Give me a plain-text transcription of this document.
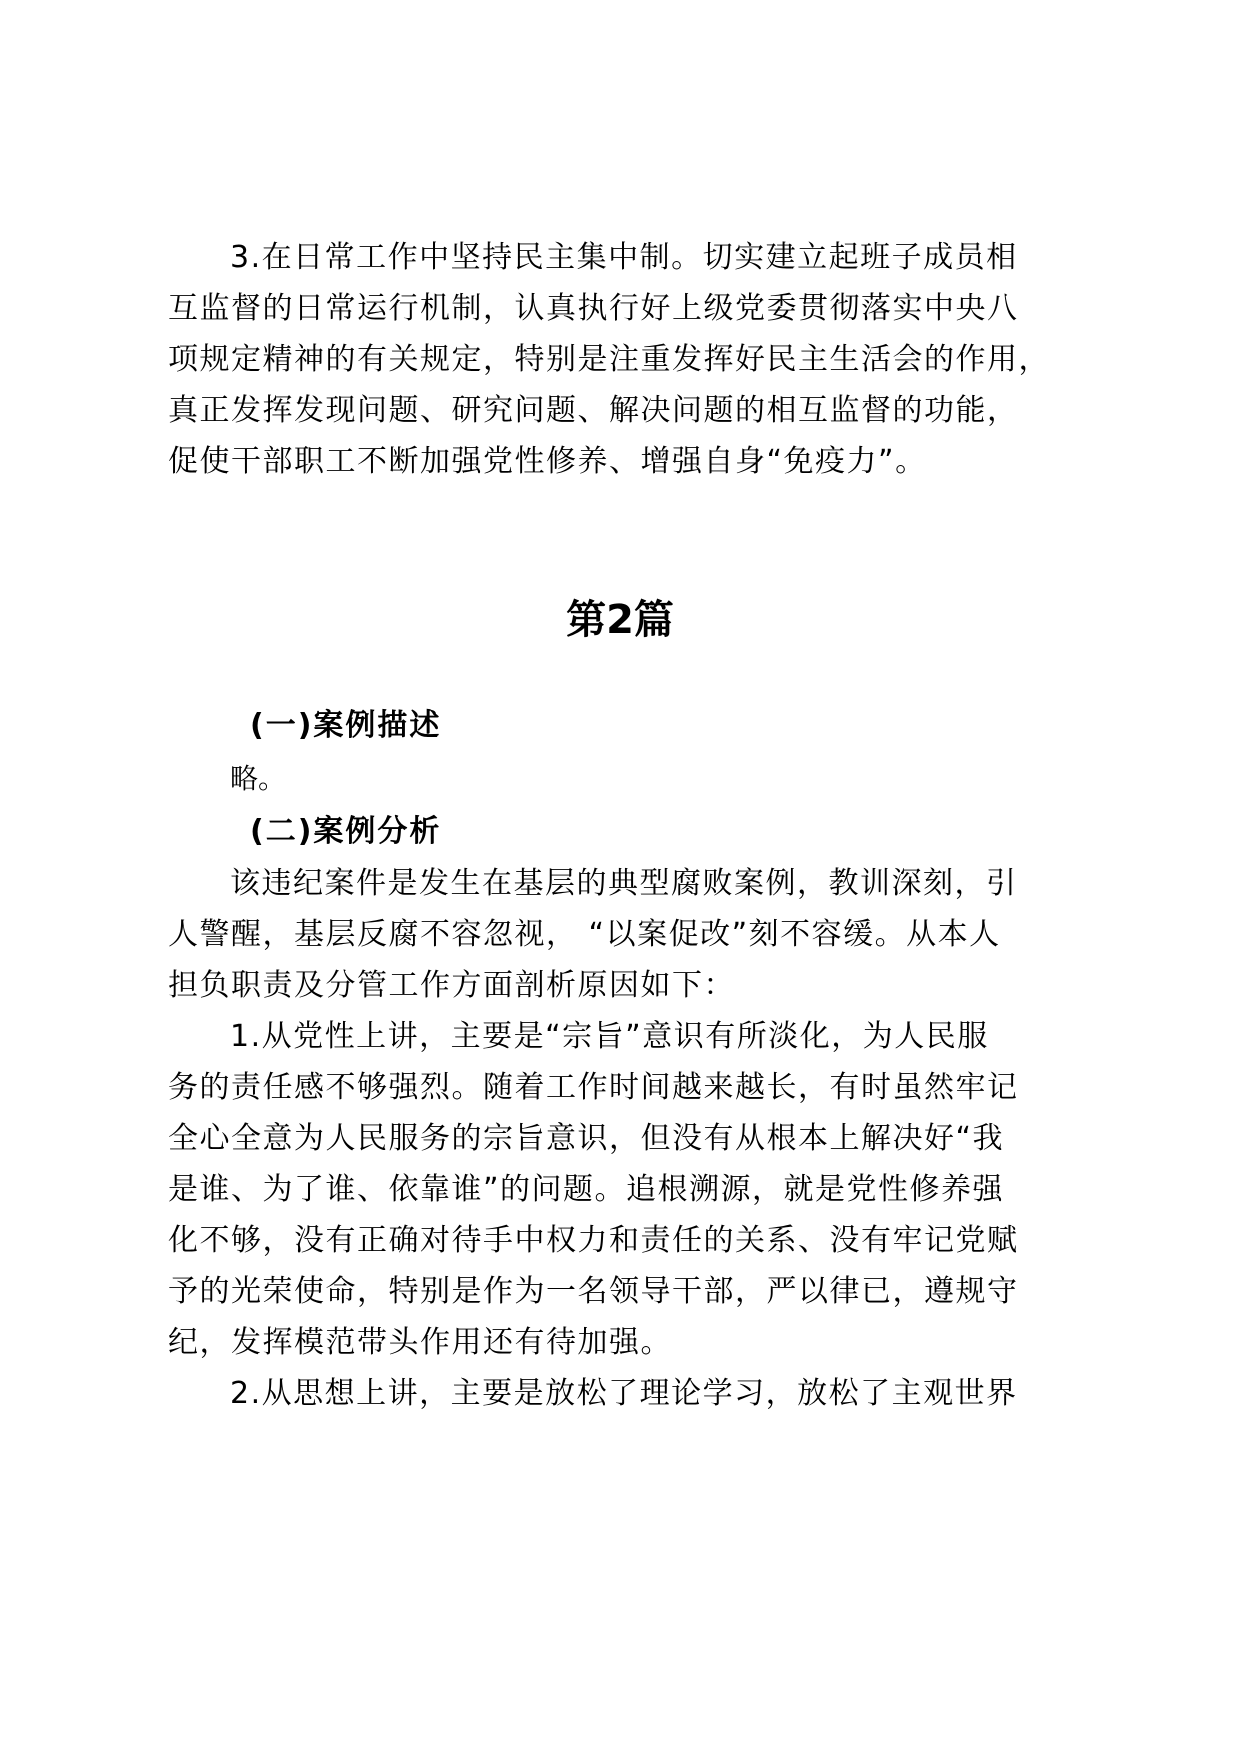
3.在日常工作中坚持民主集中制。切实建立起班子成员相
互监督的日常运行机制，认真执行好上级党委贯彻落实中央八
项规定精神的有关规定，特别是注重发挥好民主生活会的作用，
真正发挥发现问题、研究问题、解决问题的相互监督的功能，
促使干部职工不断加强党性修养、增强自身“免疫力”。

第2篇

(一)案例描述

略。

(二)案例分析

该违纪案件是发生在基层的典型腐败案例，教训深刻，引
人警醒，基层反腐不容忽视， “以案促改”刻不容缓。从本人
担负职责及分管工作方面剖析原因如下：

1.从党性上讲，主要是“宗旨”意识有所淡化，为人民服
务的责任感不够强烈。随着工作时间越来越长，有时虽然牢记
全心全意为人民服务的宗旨意识，但没有从根本上解决好“我
是谁、为了谁、依靠谁”的问题。追根溯源，就是党性修养强
化不够，没有正确对待手中权力和责任的关系、没有牢记党赋
予的光荣使命，特别是作为一名领导干部，严以律已，遵规守
纪，发挥模范带头作用还有待加强。

2.从思想上讲，主要是放松了理论学习，放松了主观世界
